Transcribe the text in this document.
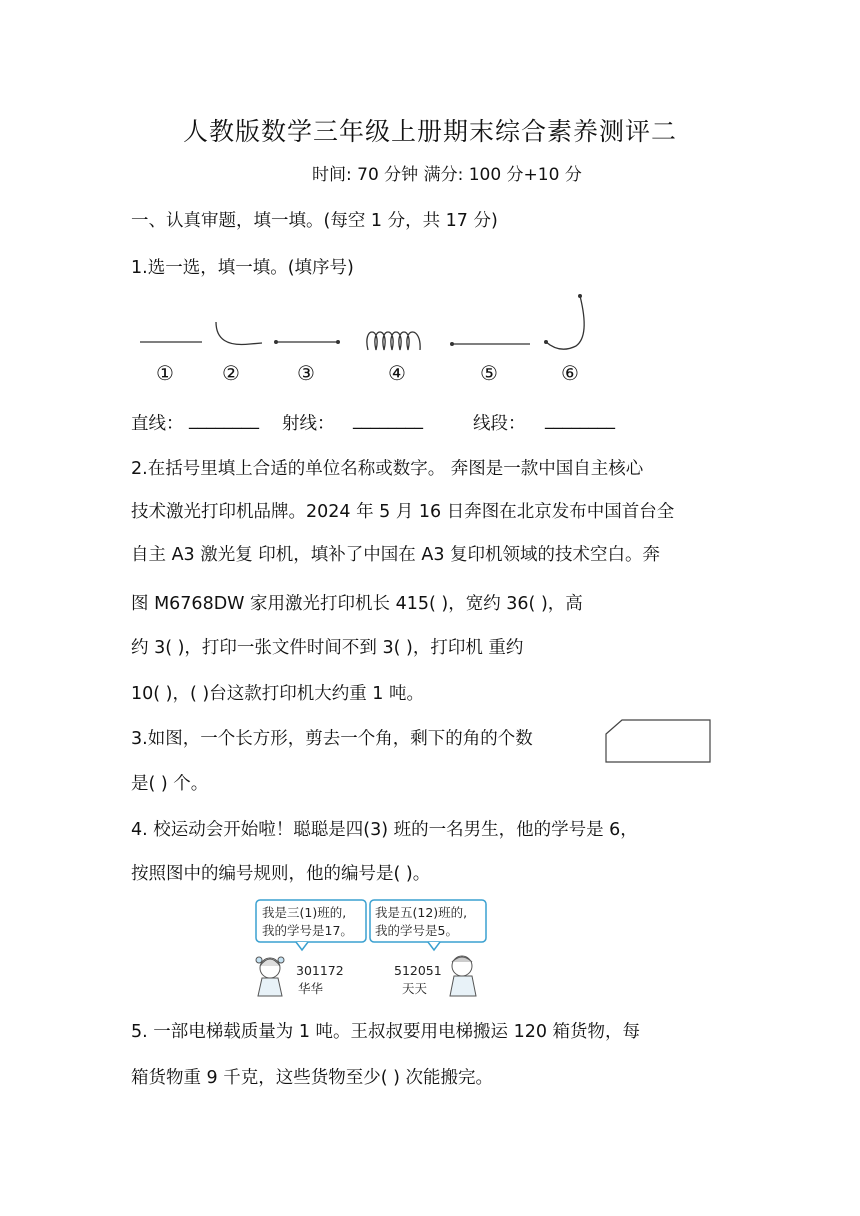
人教版数学三年级上册期末综合素养测评二
时间: 70 分钟 满分: 100 分+10 分
一、认真审题，填一填。(每空 1 分，共 17 分)
1.选一选，填一填。(填序号)
① ②	③	④	⑤	⑥
直线： ________ 射线： ________	线段： ________
2.在括号里填上合适的单位名称或数字。 奔图是一款中国自主核心
技术激光打印机品牌。2024 年 5 月 16 日奔图在北京发布中国首台全
自主 A3 激光复 印机，填补了中国在 A3 复印机领域的技术空白。奔
图 M6768DW 家用激光打印机长 415( )，宽约 36( )，高
约 3( )，打印一张文件时间不到 3( )，打印机 重约
10( )，( )台这款打印机大约重 1 吨。
3.如图，一个长方形，剪去一个角，剩下的角的个数
是( ) 个。
4. 校运动会开始啦！聪聪是四(3) 班的一名男生，他的学号是 6，
按照图中的编号规则，他的编号是( )。
我是三(1)班的,
我的学号是17。
我是五(12)班的,
我的学号是5。
301172
华华
512051
天天
5. 一部电梯载质量为 1 吨。王叔叔要用电梯搬运 120 箱货物，每
箱货物重 9 千克，这些货物至少( ) 次能搬完。
